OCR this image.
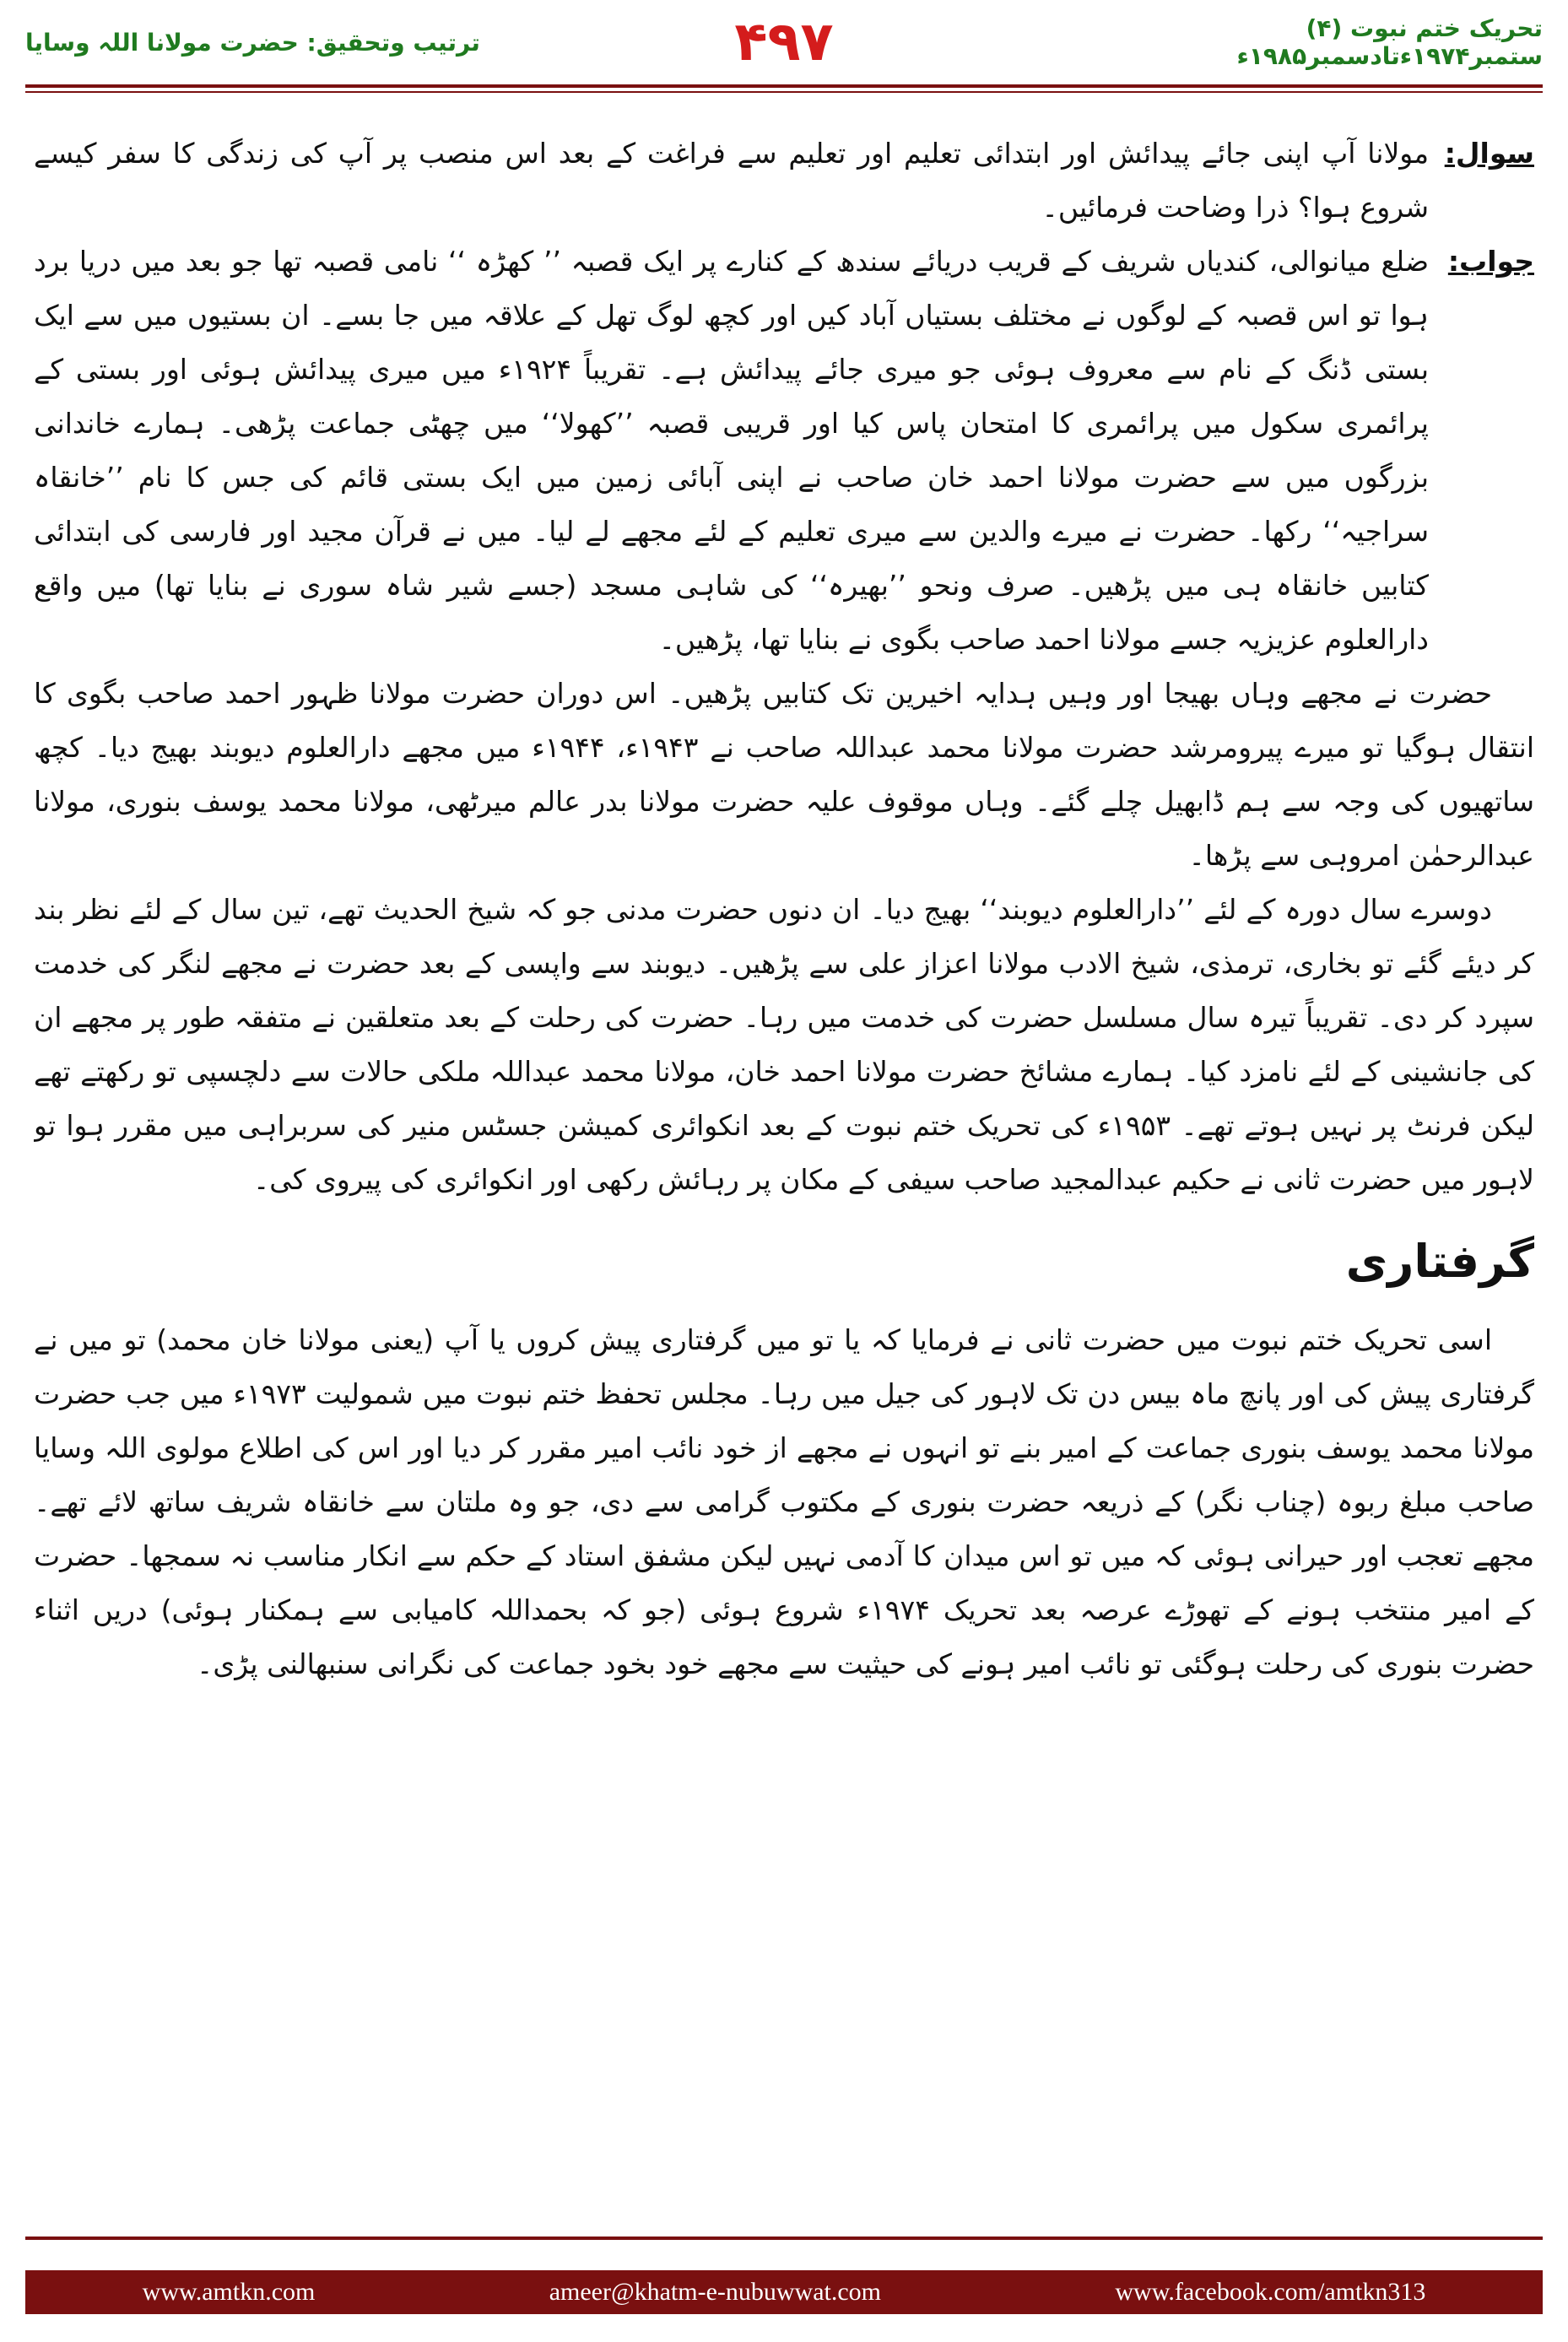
ترتیب وتحقیق: حضرت مولانا اللہ وسایا	۴۹۷	تحریک ختم نبوت (۴) ستمبر۱۹۷۴ءتادسمبر۱۹۸۵ء
سوال:
مولانا آپ اپنی جائے پیدائش اور ابتدائی تعلیم اور تعلیم سے فراغت کے بعد اس منصب پر آپ کی زندگی کا سفر کیسے شروع ہوا؟ ذرا وضاحت فرمائیں۔
جواب:
ضلع میانوالی، کندیاں شریف کے قریب دریائے سندھ کے کنارے پر ایک قصبہ ’’ کھڑہ ‘‘ نامی قصبہ تھا جو بعد میں دریا برد ہوا تو اس قصبہ کے لوگوں نے مختلف بستیاں آباد کیں اور کچھ لوگ تھل کے علاقہ میں جا بسے۔ ان بستیوں میں سے ایک بستی ڈنگ کے نام سے معروف ہوئی جو میری جائے پیدائش ہے۔ تقریباً ۱۹۲۴ء میں میری پیدائش ہوئی اور بستی کے پرائمری سکول میں پرائمری کا امتحان پاس کیا اور قریبی قصبہ ’’کھولا‘‘ میں چھٹی جماعت پڑھی۔ ہمارے خاندانی بزرگوں میں سے حضرت مولانا احمد خان صاحب نے اپنی آبائی زمین میں ایک بستی قائم کی جس کا نام ’’خانقاہ سراجیہ‘‘ رکھا۔ حضرت نے میرے والدین سے میری تعلیم کے لئے مجھے لے لیا۔ میں نے قرآن مجید اور فارسی کی ابتدائی کتابیں خانقاہ ہی میں پڑھیں۔ صرف ونحو ’’بھیرہ‘‘ کی شاہی مسجد (جسے شیر شاہ سوری نے بنایا تھا) میں واقع دارالعلوم عزیزیہ جسے مولانا احمد صاحب بگوی نے بنایا تھا، پڑھیں۔

حضرت نے مجھے وہاں بھیجا اور وہیں ہدایہ اخیرین تک کتابیں پڑھیں۔ اس دوران حضرت مولانا ظہور احمد صاحب بگوی کا انتقال ہوگیا تو میرے پیرومرشد حضرت مولانا محمد عبداللہ صاحب نے ۱۹۴۳ء، ۱۹۴۴ء میں مجھے دارالعلوم دیوبند بھیج دیا۔ کچھ ساتھیوں کی وجہ سے ہم ڈابھیل چلے گئے۔ وہاں موقوف علیہ حضرت مولانا بدر عالم میرٹھی، مولانا محمد یوسف بنوری، مولانا عبدالرحمٰن امروہی سے پڑھا۔

دوسرے سال دورہ کے لئے ’’دارالعلوم دیوبند‘‘ بھیج دیا۔ ان دنوں حضرت مدنی جو کہ شیخ الحدیث تھے، تین سال کے لئے نظر بند کر دیئے گئے تو بخاری، ترمذی، شیخ الادب مولانا اعزاز علی سے پڑھیں۔ دیوبند سے واپسی کے بعد حضرت نے مجھے لنگر کی خدمت سپرد کر دی۔ تقریباً تیرہ سال مسلسل حضرت کی خدمت میں رہا۔ حضرت کی رحلت کے بعد متعلقین نے متفقہ طور پر مجھے ان کی جانشینی کے لئے نامزد کیا۔ ہمارے مشائخ حضرت مولانا احمد خان، مولانا محمد عبداللہ ملکی حالات سے دلچسپی تو رکھتے تھے لیکن فرنٹ پر نہیں ہوتے تھے۔ ۱۹۵۳ء کی تحریک ختم نبوت کے بعد انکوائری کمیشن جسٹس منیر کی سربراہی میں مقرر ہوا تو لاہور میں حضرت ثانی نے حکیم عبدالمجید صاحب سیفی کے مکان پر رہائش رکھی اور انکوائری کی پیروی کی۔

گرفتاری

اسی تحریک ختم نبوت میں حضرت ثانی نے فرمایا کہ یا تو میں گرفتاری پیش کروں یا آپ (یعنی مولانا خان محمد) تو میں نے گرفتاری پیش کی اور پانچ ماہ بیس دن تک لاہور کی جیل میں رہا۔ مجلس تحفظ ختم نبوت میں شمولیت ۱۹۷۳ء میں جب حضرت مولانا محمد یوسف بنوری جماعت کے امیر بنے تو انہوں نے مجھے از خود نائب امیر مقرر کر دیا اور اس کی اطلاع مولوی اللہ وسایا صاحب مبلغ ربوہ (چناب نگر) کے ذریعہ حضرت بنوری کے مکتوب گرامی سے دی، جو وہ ملتان سے خانقاہ شریف ساتھ لائے تھے۔ مجھے تعجب اور حیرانی ہوئی کہ میں تو اس میدان کا آدمی نہیں لیکن مشفق استاد کے حکم سے انکار مناسب نہ سمجھا۔ حضرت کے امیر منتخب ہونے کے تھوڑے عرصہ بعد تحریک ۱۹۷۴ء شروع ہوئی (جو کہ بحمداللہ کامیابی سے ہمکنار ہوئی) دریں اثناء حضرت بنوری کی رحلت ہوگئی تو نائب امیر ہونے کی حیثیت سے مجھے خود بخود جماعت کی نگرانی سنبھالنی پڑی۔

www.amtkn.com	ameer@khatm-e-nubuwwat.com	www.facebook.com/amtkn313
